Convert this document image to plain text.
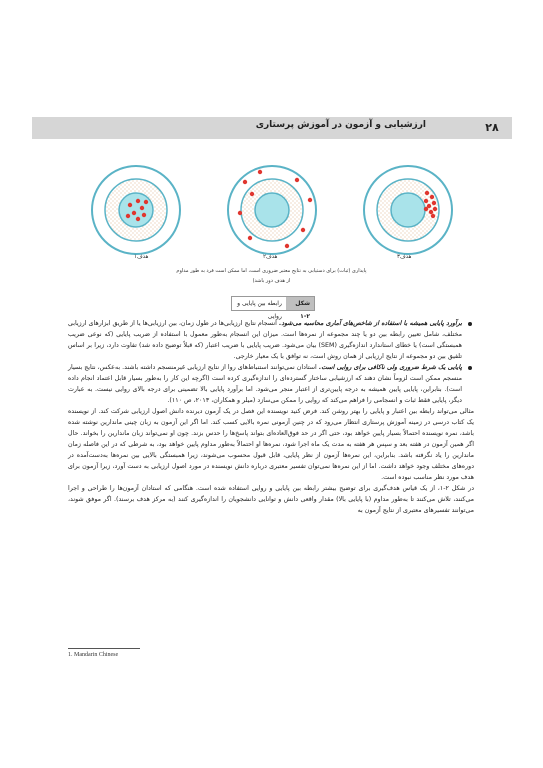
ارزشیابی و آزمون در آموزش پرستاری	۲۸
هدف۱	هدف۲	هدف۳
پایداری (ثبات) برای دستیابی به نتایج معتبر ضروری است، اما ممکن است فرد به طور مداوم
از هدف دور باشد)
شکل ۲-۱
رابطه بین پایایی و روایی

برآورد پایایی همیشه با استفاده از شاخص‌های آماری محاسبه می‌شود. انسجام نتایج ارزیابی‌ها در طول زمان، بین ارزیابی‌ها یا از طریق ابزارهای ارزیابی مختلف، شامل تعیین رابطه بین دو یا چند مجموعه از نمره‌ها است. میزان این انسجام به‌طور معمول با استفاده از ضریب پایایی (که نوعی ضریب همبستگی است) یا خطای استاندارد اندازه‌گیری (SEM) بیان می‌شود. ضریب پایایی با ضریب اعتبار (که قبلاً توضیح داده شد) تفاوت دارد، زیرا بر اساس تلفیق بین دو مجموعه از نتایج ارزیابی از همان روش است، نه توافق با یک معیار خارجی.

پایایی یک شرط ضروری ولی ناکافی برای روایی است. استادان نمی‌توانند استنباط‌های روا از نتایج ارزیابی غیرمنسجم داشته باشند. به‌عکس، نتایج بسیار منسجم ممکن است لزوماً نشان دهند که ارزشیابی ساختار گسترده‌ای را اندازه‌گیری کرده است (اگرچه این کار را به‌طور بسیار قابل اعتماد انجام داده است). بنابراین، پایایی پایین همیشه به درجه پایین‌تری از اعتبار منجر می‌شود. اما برآورد پایایی بالا تضمینی برای درجه بالای روایی نیست. به عبارت دیگر، پایایی فقط ثبات و انسجامی را فراهم می‌کند که روایی را ممکن می‌سازد (میلر و همکاران، ۲۰۱۳، ص ۱۱۰).

مثالی می‌تواند رابطه بین اعتبار و پایایی را بهتر روشن کند. فرض کنید نویسنده این فصل در یک آزمون دیرنده دانش اصول ارزیابی شرکت کند. از نویسنده یک کتاب درسی در زمینه آموزش پرستاری انتظار می‌رود که در چنین آزمونی نمره بالایی کسب کند. اما اگر این آزمون به زبان چینی ماندارین نوشته شده باشد، نمره نویسنده احتمالاً بسیار پایین خواهد بود، حتی اگر در حد فوق‌العاده‌ای بتواند پاسخ‌ها را حدس بزند. چون او نمی‌تواند زبان ماندارین را بخواند. حال اگر همین آزمون در هفته بعد و سپس هر هفته به مدت یک ماه اجرا شود، نمره‌ها او احتمالاً به‌طور مداوم پایین خواهد بود، به شرطی که در این فاصله زمان ماندارین را یاد نگرفته باشد. بنابراین، این نمره‌ها آزمون از نظر پایایی، قابل قبول محسوب می‌شوند، زیرا همبستگی بالایی بین نمره‌ها به‌دست‌آمده در دوره‌های مختلف وجود خواهد داشت. اما از این نمره‌ها نمی‌توان تفسیر معتبری درباره دانش نویسنده در مورد اصول ارزیابی به دست آورد، زیرا آزمون برای هدف مورد نظر مناسب نبوده است.

در شکل ۲-۱، از یک قیاس هدف‌گیری برای توضیح بیشتر رابطه بین پایایی و روایی استفاده شده است. هنگامی که استادان آزمون‌ها را طراحی و اجرا می‌کنند، تلاش می‌کنند تا به‌طور مداوم (با پایایی بالا) مقدار واقعی دانش و توانایی دانشجویان را اندازه‌گیری کنند (به مرکز هدف برسند). اگر موفق شوند، می‌توانند تفسیرهای معتبری از نتایج آزمون به

1. Mandarin Chinese
